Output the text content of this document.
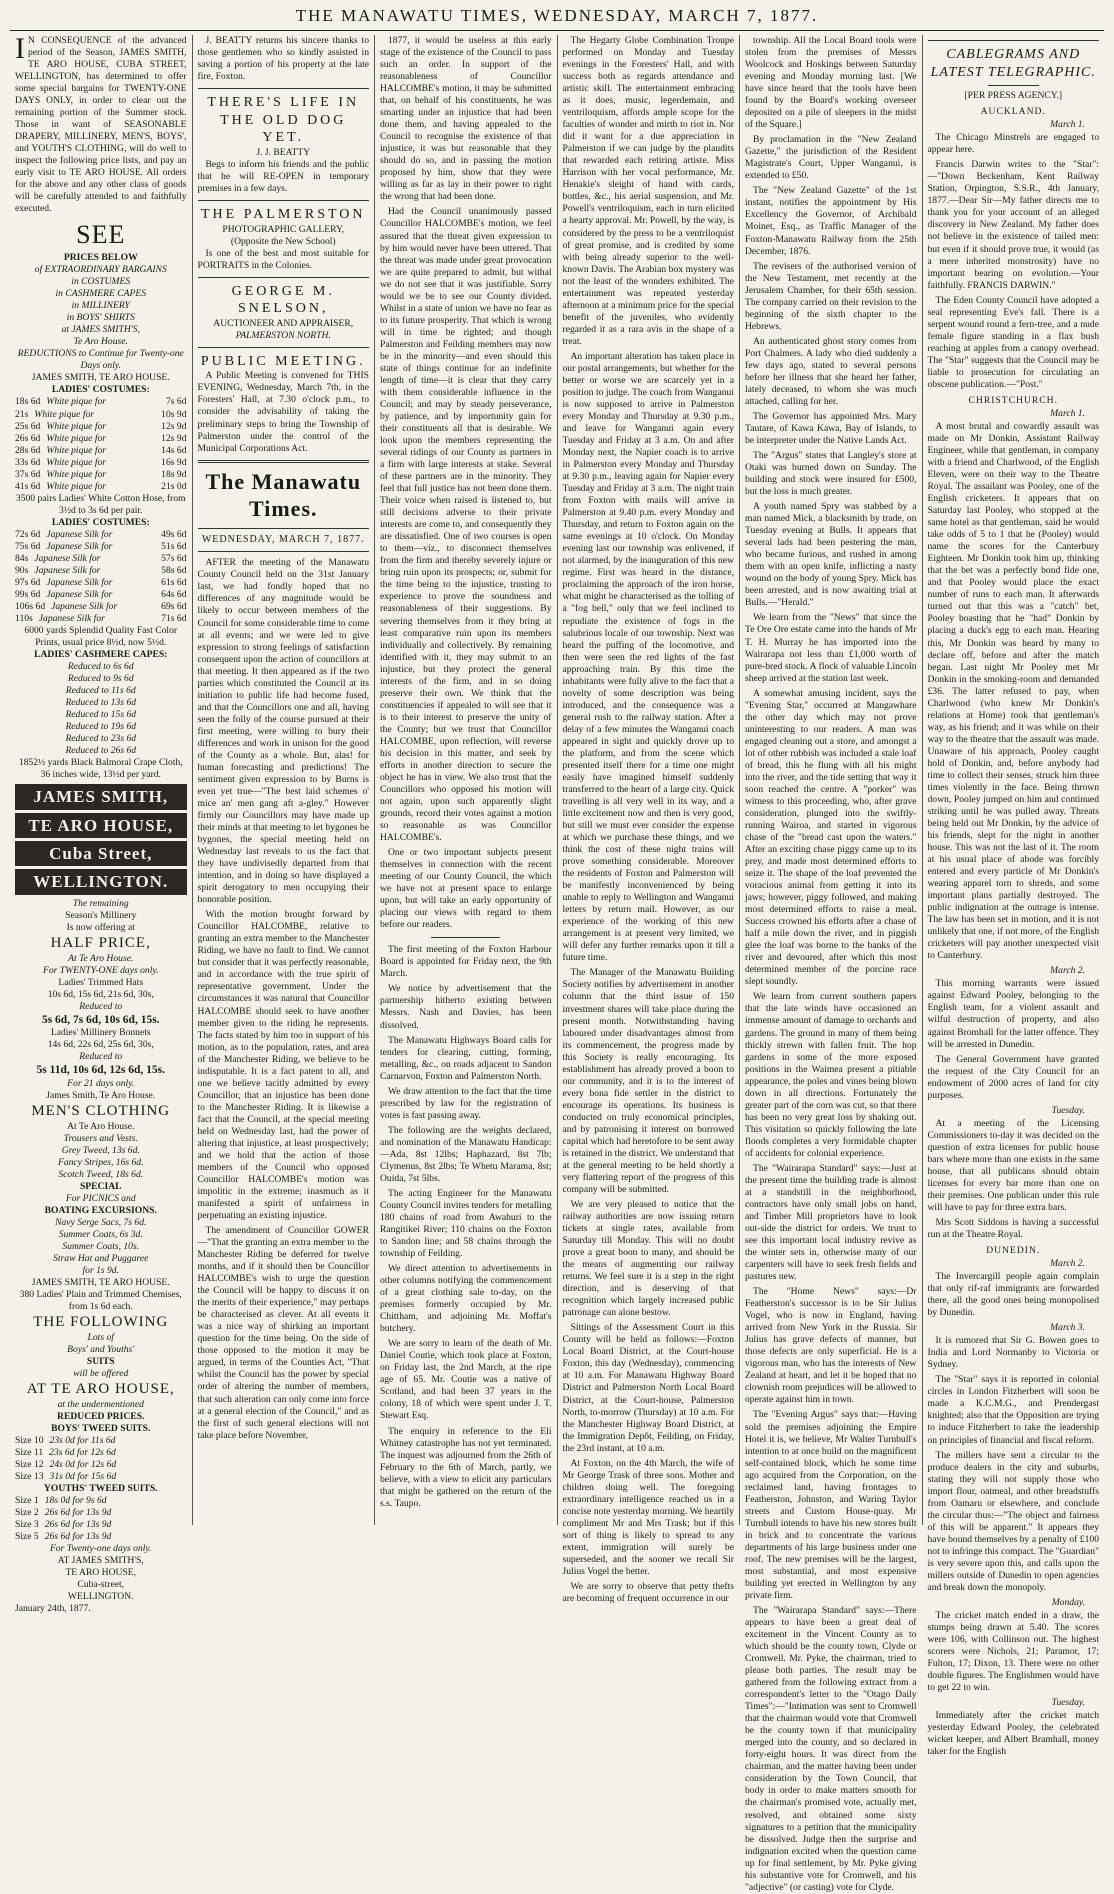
THE MANAWATU TIMES, WEDNESDAY, MARCH 7, 1877.

I N CONSEQUENCE of the advanced period of the Season, JAMES SMITH, TE ARO HOUSE, CUBA STREET, WELLINGTON, has determined to offer some special bargains for TWENTY-ONE DAYS ONLY, in order to clear out the remaining portion of the Summer stock. Those in want of SEASONABLE DRAPERY, MILLINERY, MEN'S, BOYS', and YOUTH'S CLOTHING, will do well to inspect the following price lists, and pay an early visit to TE ARO HOUSE. All orders for the above and any other class of goods will be carefully attended to and faithfully executed.

SEE
PRICES BELOW
of EXTRAORDINARY BARGAINS
in COSTUMES
in CASHMERE CAPES
in MILLINERY
in BOYS' SHIRTS
at JAMES SMITH'S,
Te Aro House.
REDUCTIONS to Continue for Twenty-one Days only.
JAMES SMITH, TE ARO HOUSE.
LADIES' COSTUMES:
18s 6d White pique for	7s 6d
21s White pique for	10s 9d
25s 6d White pique for	12s 9d
26s 6d White pique for	12s 9d
28s 6d White pique for	14s 6d
33s 6d White pique for	16s 9d
37s 6d White pique for	18s 9d
41s 6d White pique for	21s 0d
3500 pairs Ladies' White Cotton Hose, from 3½d to 3s 6d per pair.
LADIES' COSTUMES:
72s 6d Japanese Silk for	49s 6d
75s 6d Japanese Silk for	51s 6d
84s Japanese Silk for	57s 6d
90s Japanese Silk for	58s 6d
97s 6d Japanese Silk for	61s 6d
99s 6d Japanese Silk for	64s 6d
106s 6d Japanese Silk for	69s 6d
110s Japanese Silk for	71s 6d
6000 yards Splendid Quality Fast Color Prints, usual price 8½d, now 5½d.
LADIES' CASHMERE CAPES:
Reduced to 6s 6d
Reduced to 9s 6d
Reduced to 11s 6d
Reduced to 13s 6d
Reduced to 15s 6d
Reduced to 19s 6d
Reduced to 23s 6d
Reduced to 26s 6d
1852½ yards Black Balmoral Crape Cloth, 36 inches wide, 13½d per yard.
JAMES SMITH,
TE ARO HOUSE,
Cuba Street,
WELLINGTON.
The remaining
Season's Millinery
Is now offering at
HALF PRICE,
At Te Aro House.
For TWENTY-ONE days only.
Ladies' Trimmed Hats
10s 6d, 15s 6d, 21s 6d, 30s,
Reduced to
5s 6d, 7s 6d, 10s 6d, 15s.
Ladies' Millinery Bonnets
14s 6d, 22s 6d, 25s 6d, 30s,
Reduced to
5s 11d, 10s 6d, 12s 6d, 15s.
For 21 days only.
James Smith, Te Aro House.
MEN'S CLOTHING
At Te Aro House.
Trousers and Vests.
Grey Tweed, 13s 6d.
Fancy Stripes, 16s 6d.
Scotch Tweed, 18s 6d.
SPECIAL
For PICNICS and
BOATING EXCURSIONS.
Navy Serge Sacs, 7s 6d.
Summer Coats, 6s 3d.
Summer Coats, 10s.
Straw Hat and Puggaree
for 1s 9d.
JAMES SMITH, TE ARO HOUSE.
380 Ladies' Plain and Trimmed Chemises, from 1s 6d each.
THE FOLLOWING
Lots of
Boys' and Youths'
SUITS
will be offered
AT TE ARO HOUSE,
at the undermentioned
REDUCED PRICES.
BOYS' TWEED SUITS.
Size 10 23s 0d for 11s 6d
Size 11 23s 6d for 12s 6d
Size 12 24s 0d for 12s 6d
Size 13 31s 0d for 15s 6d
YOUTHS' TWEED SUITS.
Size 1 18s 0d for 9s 6d
Size 2 26s 6d for 13s 9d
Size 3 26s 6d for 13s 9d
Size 5 26s 6d for 13s 9d
For Twenty-one days only.
AT JAMES SMITH'S,
TE ARO HOUSE,
Cuba-street,
WELLINGTON.
January 24th, 1877.

J. BEATTY returns his sincere thanks to those gentlemen who so kindly assisted in saving a portion of his property at the late fire, Foxton.

THERE'S LIFE IN THE OLD DOG YET.
J. J. BEATTY

Begs to inform his friends and the public that he will RE-OPEN in temporary premises in a few days.

THE PALMERSTON
PHOTOGRAPHIC GALLERY,
(Opposite the New School)

Is one of the best and most suitable for PORTRAITS in the Colonies.

GEORGE M. SNELSON,
AUCTIONEER AND APPRAISER,
PALMERSTON NORTH.
PUBLIC MEETING.

A Public Meeting is convened for THIS EVENING, Wednesday, March 7th, in the Foresters' Hall, at 7.30 o'clock p.m., to consider the advisability of taking the preliminary steps to bring the Township of Palmerston under the control of the Municipal Corporations Act.

The Manawatu Times.
WEDNESDAY, MARCH 7, 1877.

AFTER the meeting of the Manawatu County Council held on the 31st January last, we had fondly hoped that no differences of any magnitude would be likely to occur between members of the Council for some considerable time to come at all events; and we were led to give expression to strong feelings of satisfaction consequent upon the action of councillors at that meeting. It then appeared as if the two parties which constituted the Council at its initiation to public life had become fused, and that the Councillors one and all, having seen the folly of the course pursued at their first meeting, were willing to bury their differences and work in unison for the good of the County as a whole. But, alas! for human forecasting and predictions! The sentiment given expression to by Burns is even yet true—"The best laid schemes o' mice an' men gang aft a-gley." However firmly our Councillors may have made up their minds at that meeting to let bygones be bygones, the special meeting held on Wednesday last reveals to us the fact that they have undivisedly departed from that intention, and in doing so have displayed a spirit derogatory to men occupying their honorable position.

With the motion brought forward by Councillor HALCOMBE, relative to granting an extra member to the Manchester Riding, we have no fault to find. We cannot but consider that it was perfectly reasonable, and in accordance with the true spirit of representative government. Under the circumstances it was natural that Councillor HALCOMBE should seek to have another member given to the riding he represents. The facts stated by him too in support of his motion, as to the population, rates, and area of the Manchester Riding, we believe to be indisputable. It is a fact patent to all, and one we believe tacitly admitted by every Councillor, that an injustice has been done to the Manchester Riding. It is likewise a fact that the Council, at the special meeting held on Wednesday last, had the power of altering that injustice, at least prospectively; and we hold that the action of those members of the Council who opposed Councillor HALCOMBE's motion was impolitic in the extreme; inasmuch as it manifested a spirit of unfairness in perpetuating an existing injustice.

The amendment of Councillor GOWER—"That the granting an extra member to the Manchester Riding be deferred for twelve months, and if it should then be Councillor HALCOMBE's wish to urge the question the Council will be happy to discuss it on the merits of their experience," may perhaps be characterised as clever. At all events it was a nice way of shirking an important question for the time being. On the side of those opposed to the motion it may be argued, in terms of the Counties Act, "That whilst the Council has the power by special order of altering the number of members, that such alteration can only come into force at a general election of the Council," and as the first of such general elections will not take place before November,

1877, it would be useless at this early stage of the existence of the Council to pass such an order. In support of the reasonableness of Councillor HALCOMBE's motion, it may be submitted that, on behalf of his constituents, he was smarting under an injustice that had been done them, and having appealed to the Council to recognise the existence of that injustice, it was but reasonable that they should do so, and in passing the motion proposed by him, show that they were willing as far as lay in their power to right the wrong that had been done.

Had the Council unanimously passed Councillor HALCOMBE's motion, we feel assured that the threat given expression to by him would never have been uttered. That the threat was made under great provocation we are quite prepared to admit, but withal we do not see that it was justifiable. Sorry would we be to see our County divided. Whilst in a state of union we have no fear as to its future prosperity. That which is wrong will in time be righted; and though Palmerston and Feilding members may now be in the minority—and even should this state of things continue for an indefinite length of time—it is clear that they carry with them considerable influence in the Council; and may by steady perseverance, by patience, and by importunity gain for their constituents all that is desirable. We look upon the members representing the several ridings of our County as partners in a firm with large interests at stake. Several of these partners are in the minority. They feel that full justice has not been done them. Their voice when raised is listened to, but still decisions adverse to their private interests are come to, and consequently they are dissatisfied. One of two courses is open to them—viz., to disconnect themselves from the firm and thereby severely injure or bring ruin upon its prospects; or, submit for the time being to the injustice, trusting to experience to prove the soundness and reasonableness of their suggestions. By severing themselves from it they bring at least comparative ruin upon its members individually and collectively. By remaining identified with it, they may submit to an injustice, but they protect the general interests of the firm, and in so doing preserve their own. We think that the constituencies if appealed to will see that it is to their interest to preserve the unity of the County; but we trust that Councillor HALCOMBE, upon reflection, will reverse his decision in this matter, and seek by efforts in another direction to secure the object he has in view. We also trust that the Councillors who opposed his motion will not again, upon such apparently slight grounds, record their votes against a motion so reasonable as was Councillor HALCOMBE's.

One or two important subjects present themselves in connection with the recent meeting of our County Council, the which we have not at present space to enlarge upon, but will take an early opportunity of placing our views with regard to them before our readers.

The first meeting of the Foxton Harbour Board is appointed for Friday next, the 9th March.

We notice by advertisement that the partnership hitherto existing between Messrs. Nash and Davies, has been dissolved.

The Manawatu Highways Board calls for tenders for clearing, cutting, forming, metalling, &c., on roads adjacent to Sandon Carnarvon, Foxton and Palmerston North.

We draw attention to the fact that the time prescribed by law for the registration of votes is fast passing away.

The following are the weights declared, and nomination of the Manawatu Handicap:—Ada, 8st 12lbs; Haphazard, 8st 7lb; Clymenus, 8st 2lbs; Te Whetu Marama, 8st; Ouida, 7st 5lbs.

The acting Engineer for the Manawatu County Council invites tenders for metalling 180 chains of road from Awahuri to the Rangitikei River; 110 chains on the Foxton to Sandon line; and 58 chains through the township of Feilding.

We direct attention to advertisements in other columns notifying the commencement of a great clothing sale to-day, on the premises formerly occupied by Mr. Chittham, and adjoining Mr. Moffat's butchery.

We are sorry to learn of the death of Mr. Daniel Coutie, which took place at Foxton, on Friday last, the 2nd March, at the ripe age of 65. Mr. Coutie was a native of Scotland, and had been 37 years in the colony, 18 of which were spent under J. T. Stewart Esq.

The enquiry in reference to the Eli Whitney catastrophe has not yet terminated. The inquest was adjourned from the 26th of February to the 6th of March, partly, we believe, with a view to elicit any particulars that might be gathered on the return of the s.s. Taupo.

The Hegarty Globe Combination Troupe performed on Monday and Tuesday evenings in the Foresters' Hall, and with success both as regards attendance and artistic skill. The entertainment embracing as it does, music, legerdemain, and ventriloquism, affords ample scope for the faculties of wonder and mirth to riot in. Nor did it want for a due appreciation in Palmerston if we can judge by the plaudits that rewarded each retiring artiste. Miss Harrison with her vocal performance, Mr. Henakie's sleight of hand with cards, bottles, &c., his aerial suspension, and Mr. Powell's ventriloquism, each in turn elicited a hearty approval. Mr. Powell, by the way, is considered by the press to be a ventriloquist of great promise, and is credited by some with being already superior to the well-known Davis. The Arabian box mystery was not the least of the wonders exhibited. The entertainment was repeated yesterday afternoon at a minimum price for the special benefit of the juveniles, who evidently regarded it as a rara avis in the shape of a treat.

An important alteration has taken place in our postal arrangements, but whether for the better or worse we are scarcely yet in a position to judge. The coach from Wanganui is now supposed to arrive in Palmerston every Monday and Thursday at 9.30 p.m., and leave for Wanganui again every Tuesday and Friday at 3 a.m. On and after Monday next, the Napier coach is to arrive in Palmerston every Monday and Thursday at 9.30 p.m., leaving again for Napier every Tuesday and Friday at 3 a.m. The night train from Foxton with mails will arrive in Palmerston at 9.40 p.m. every Monday and Thursday, and return to Foxton again on the same evenings at 10 o'clock. On Monday evening last our township was enlivened, if not alarmed, by the inauguration of this new regime. First was heard in the distance, proclaiming the approach of the iron horse, what might be characterised as the tolling of a "fog bell," only that we feel inclined to repudiate the existence of fogs in the salubrious locale of our township. Next was heard the puffing of the locomotive, and then were seen the red lights of the fast approaching train. By this time the inhabitants were fully alive to the fact that a novelty of some description was being introduced, and the consequence was a general rush to the railway station. After a delay of a few minutes the Wanganui coach appeared in sight and quickly drove up to the platform, and from the scene which presented itself there for a time one might easily have imagined himself suddenly transferred to the heart of a large city. Quick travelling is all very well in its way, and a little excitement now and then is very good, but still we must ever consider the expense at which we purchase these things, and we think the cost of these night trains will prove something considerable. Moreover the residents of Foxton and Palmerston will be manifestly inconvenienced by being unable to reply to Wellington and Wanganui letters by return mail. However, as our experience of the working of this new arrangement is at present very limited, we will defer any further remarks upon it till a future time.

The Manager of the Manawatu Building Society notifies by advertisement in another column that the third issue of 150 investment shares will take place during the present month. Notwithstanding having laboured under disadvantages almost from its commencement, the progress made by this Society is really encouraging. Its establishment has already proved a boon to our community, and it is to the interest of every bona fide settler in the district to encourage its operations. Its business is conducted on truly economical principles, and by patronising it interest on borrowed capital which had heretofore to be sent away is retained in the district. We understand that at the general meeting to be held shortly a very flattering report of the progress of this company will be submitted.

We are very pleased to notice that the railway authorities are now issuing return tickets at single rates, available from Saturday till Monday. This will no doubt prove a great boon to many, and should be the means of augmenting our railway returns. We feel sure it is a step in the right direction, and is deserving of that recognition which largely increased public patronage can alone bestow.

Sittings of the Assessment Court in this County will be held as follows:—Foxton Local Board District, at the Court-house Foxton, this day (Wednesday), commencing at 10 a.m. For Manawatu Highway Board District and Palmerston North Local Board District, at the Court-house, Palmerston North, to-morrow (Thursday) at 10 a.m. For the Manchester Highway Board District, at the Immigration Depôt, Feilding, on Friday, the 23rd instant, at 10 a.m.

At Foxton, on the 4th March, the wife of Mr George Trask of three sons. Mother and children doing well. The foregoing extraordinary intelligence reached us in a concise note yesterday morning. We heartily compliment Mr and Mrs Trask; but if this sort of thing is likely to spread to any extent, immigration will surely be superseded, and the sooner we recall Sir Julius Vogel the better.

We are sorry to observe that petty thefts are becoming of frequent occurrence in our

township. All the Local Board tools were stolen from the premises of Messrs Woolcock and Hoskings between Saturday evening and Monday morning last. [We have since heard that the tools have been found by the Board's working overseer deposited on a pile of sleepers in the midst of the Square.]

By proclamation in the "New Zealand Gazette," the jurisdiction of the Resident Magistrate's Court, Upper Wanganui, is extended to £50.

The "New Zealand Gazette" of the 1st instant, notifies the appointment by His Excellency the Governor, of Archibald Moinet, Esq., as Traffic Manager of the Foxton-Manawatu Railway from the 25th December, 1876.

The revisers of the authorised version of the New Testament, met recently at the Jerusalem Chamber, for their 65th session. The company carried on their revision to the beginning of the sixth chapter to the Hebrews.

An authenticated ghost story comes from Port Chalmers. A lady who died suddenly a few days ago, stated to several persons before her illness that she heard her father, lately deceased, to whom she was much attached, calling for her.

The Governor has appointed Mrs. Mary Tautare, of Kawa Kawa, Bay of Islands, to be interpreter under the Native Lands Act.

The "Argus" states that Langley's store at Otaki was burned down on Sunday. The building and stock were insured for £500, but the loss is much greater.

A youth named Spry was stabbed by a man named Mick, a blacksmith by trade, on Tuesday evening at Bulls. It appears that several lads had been pestering the man, who became furious, and rushed in among them with an open knife, inflicting a nasty wound on the body of young Spry. Mick has been arrested, and is now awaiting trial at Bulls.—"Herald."

We learn from the "News" that since the Te Ore Ore estate came into the hands of Mr T. H. Murray he has imported into the Wairarapa not less than £1,000 worth of pure-bred stock. A flock of valuable Lincoln sheep arrived at the station last week.

A somewhat amusing incident, says the "Evening Star," occurred at Mangawhare the other day which may not prove uninteresting to our readers. A man was engaged cleaning out a store, and amongst a lot of other rubbish was included a stale loaf of bread, this he flung with all his might into the river, and the tide setting that way it soon reached the centre. A "porker" was witness to this proceeding, who, after grave consideration, plunged into the swiftly-running Wairoa, and started in vigorous chase of the "bread cast upon the waters." After an exciting chase piggy came up to its prey, and made most determined efforts to seize it. The shape of the loaf prevented the voracious animal from getting it into its jaws; however, piggy followed, and making most determined efforts to raise a meal. Success crowned his efforts after a chase of half a mile down the river, and in piggish glee the loaf was borne to the banks of the river and devoured, after which this most determined member of the porcine race slept soundly.

We learn from current southern papers that the late winds have occasioned an immense amount of damage to orchards and gardens. The ground in many of them being thickly strewn with fallen fruit. The hop gardens in some of the more exposed positions in the Waimea present a pitiable appearance, the poles and vines being blown down in all directions. Fortunately the greater part of the corn was cut, so that there has been no very great loss by shaking out. This visitation so quickly following the late floods completes a very formidable chapter of accidents for colonial experience.

The "Wairarapa Standard" says:—Just at the present time the building trade is almost at a standstill in the neighborhood, contractors have only small jobs on hand, and Timber Mill proprietors have to look out-side the district for orders. We trust to see this important local industry revive as the winter sets in, otherwise many of our carpenters will have to seek fresh fields and pastures new.

The "Home News" says:—Dr Featherston's successor is to be Sir Julius Vogel, who is now in England, having arrived from New York in the Russia. Sir Julius has grave defects of manner, but those defects are only superficial. He is a vigorous man, who has the interests of New Zealand at heart, and let it be hoped that no clownish room prejudices will be allowed to operate against him in town.

The "Evening Argus" says that:—Having sold the premises adjoining the Empire Hotel it is, we believe, Mr Walter Turnbull's intention to at once build on the magnificent self-contained block, which he some time ago acquired from the Corporation, on the reclaimed land, having frontages to Featherston, Johnston, and Waring Taylor streets and Custom House-quay. Mr Turnbull intends to have his new stores built in brick and to concentrate the various departments of his large business under one roof. The new premises will be the largest, most substantial, and most expensive building yet erected in Wellington by any private firm.

The "Wairarapa Standard" says:—There appears to have been a great deal of excitement in the Vincent County as to which should be the county town, Clyde or Cromwell. Mr. Pyke, the chairman, tried to please both parties. The result may be gathered from the following extract from a correspondent's letter to the "Otago Daily Times":—"Intimation was sent to Cromwell that the chairman would vote that Cromwell be the county town if that municipality merged into the county, and so declared in forty-eight hours. It was direct from the chairman, and the matter having been under consideration by the Town Council, that body in order to make matters smooth for the chairman's promised vote, actually met, resolved, and obtained some sixty signatures to a petition that the municipality be dissolved. Judge then the surprise and indignation excited when the question came up for final settlement, by Mr. Pyke giving his substantive vote for Cromwell, and his "adjective" (or casting) vote for Clyde.

CABLEGRAMS AND LATEST TELEGRAPHIC.
[PER PRESS AGENCY.]
AUCKLAND.
March 1.

The Chicago Minstrels are engaged to appear here.

Francis Darwin writes to the "Star":—"Down Beckenham, Kent Railway Station, Orpington, S.S.R., 4th January, 1877.—Dear Sir—My father directs me to thank you for your account of an alleged discovery in New Zealand. My father does not believe in the existence of tailed men: but even if it should prove true, it would (as a mere inherited monstrosity) have no important bearing on evolution.—Your faithfully. FRANCIS DARWIN."

The Eden County Council have adopted a seal representing Eve's fall. There is a serpent wound round a fern-tree, and a nude female figure standing in a flax bush reaching at apples from a canopy overhead. The "Star" suggests that the Council may be liable to prosecution for circulating an obscene publication.—"Post."

CHRISTCHURCH.
March 1.

A most brutal and cowardly assault was made on Mr Donkin, Assistant Railway Engineer, while that gentleman, in company with a friend and Charlwood, of the English Eleven, were on their way to the Theatre Royal. The assailant was Pooley, one of the English cricketers. It appears that on Saturday last Pooley, who stopped at the same hotel as that gentleman, said he would take odds of 5 to 1 that he (Pooley) would name the scores for the Canterbury Eighteen. Mr Donkin took him up, thinking that the bet was a perfectly bond fide one, and that Pooley would place the exact number of runs to each man. It afterwards turned out that this was a "catch" bet, Pooley boasting that he "had" Donkin by placing a duck's egg to each man. Hearing this, Mr Donkin was heard by many to declare off, before and after the match began. Last night Mr Pooley met Mr Donkin in the smoking-room and demanded £36. The latter refused to pay, when Charlwood (who knew Mr Donkin's relations at Home) took that gentleman's way, as his friend; and it was while on their way to the theatre that the assault was made. Unaware of his approach, Pooley caught hold of Donkin, and, before anybody had time to collect their senses, struck him three times violently in the face. Being thrown down, Pooley jumped on him and continued striking until he was pulled away. Threats being held out Mr Donkin, by the advice of his friends, slept for the night in another house. This was not the last of it. The room at his usual place of abode was forcibly entered and every particle of Mr Donkin's wearing apparel torn to shreds, and some important plans partially destroyed. The public indignation at the outrage is intense. The law has been set in motion, and it is not unlikely that one, if not more, of the English cricketers will pay another unexpected visit to Canterbury.

March 2.

This morning warrants were issued against Edward Pooley, belonging to the English team, for a violent assault and wilful destruction of property, and also against Bromhall for the latter offence. They will be arrested in Dunedin.

The General Government have granted the request of the City Council for an endowment of 2000 acres of land for city purposes.

Tuesday.

At a meeting of the Licensing Commissioners to-day it was decided on the question of extra licenses for public house bars where more than one exists in the same house, that all publicans should obtain licenses for every bar more than one on their premises. One publican under this rule will have to pay for three extra bars.

Mrs Scott Siddons is having a successful run at the Theatre Royal.

DUNEDIN.
March 2.

The Invercargill people again complain that only rif-raf immigrants are forwarded there, all the good ones being monopolised by Dunedin.

March 3.

It is rumored that Sir G. Bowen goes to India and Lord Normanby to Victoria or Sydney.

The "Star" says it is reported in colonial circles in London Fitzherbert will soon be made a K.C.M.G., and Prendergast knighted; also that the Opposition are trying to induce Fitzherbert to take the leadership on principles of financial and fiscal reform.

The millers have sent a circular to the produce dealers in the city and suburbs, stating they will not supply those who import flour, oatmeal, and other breadstuffs from Oamaru or elsewhere, and conclude the circular thus:—"The object and fairness of this will be apparent." It appears they have bound themselves by a penalty of £100 not to infringe this compact. The "Guardian" is very severe upon this, and calls upon the millers outside of Dunedin to open agencies and break down the monopoly.

Monday.

The cricket match ended in a draw, the stumps being drawn at 5.40. The scores were 106, with Collinson out. The highest scorers were Nichols, 21; Paramor, 17; Fulton, 17; Dixon, 13. There were no other double figures. The Englishmen would have to get 22 to win.

Tuesday.

Immediately after the cricket match yesterday Edward Pooley, the celebrated wicket keeper, and Albert Bramhall, money taker for the English
